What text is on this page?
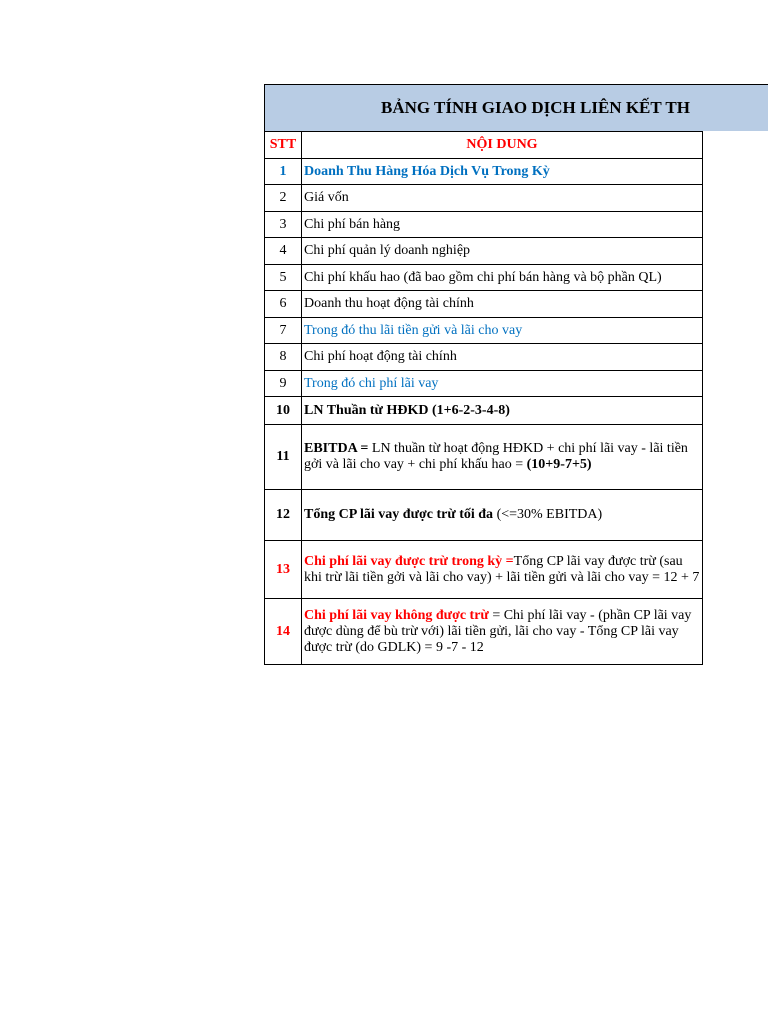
BẢNG TÍNH GIAO DỊCH LIÊN KẾT TH
STT	NỘI DUNG
1	Doanh Thu Hàng Hóa Dịch Vụ Trong Kỳ
2	Giá vốn
3	Chi phí bán hàng
4	Chi phí quản lý doanh nghiệp
5	Chi phí khấu hao (đã bao gồm chi phí bán hàng và bộ phần QL)
6	Doanh thu hoạt động tài chính
7	Trong đó thu lãi tiền gửi và lãi cho vay
8	Chi phí hoạt động tài chính
9	Trong đó chi phí lãi vay
10	LN Thuần từ HĐKD (1+6-2-3-4-8)
11	EBITDA = LN thuần từ hoạt động HĐKD + chi phí lãi vay - lãi tiền gởi và lãi cho vay + chi phí khấu hao = (10+9-7+5)
12	Tổng CP lãi vay được trừ tối đa (<=30% EBITDA)
13	Chi phí lãi vay được trừ trong kỳ =Tổng CP lãi vay được trừ (sau khi trừ lãi tiền gởi và lãi cho vay) + lãi tiền gửi và lãi cho vay = 12 + 7
14	Chi phí lãi vay không được trừ = Chi phí lãi vay - (phần CP lãi vay được dùng để bù trừ với) lãi tiền gửi, lãi cho vay - Tổng CP lãi vay được trừ (do GDLK) = 9 -7 - 12
